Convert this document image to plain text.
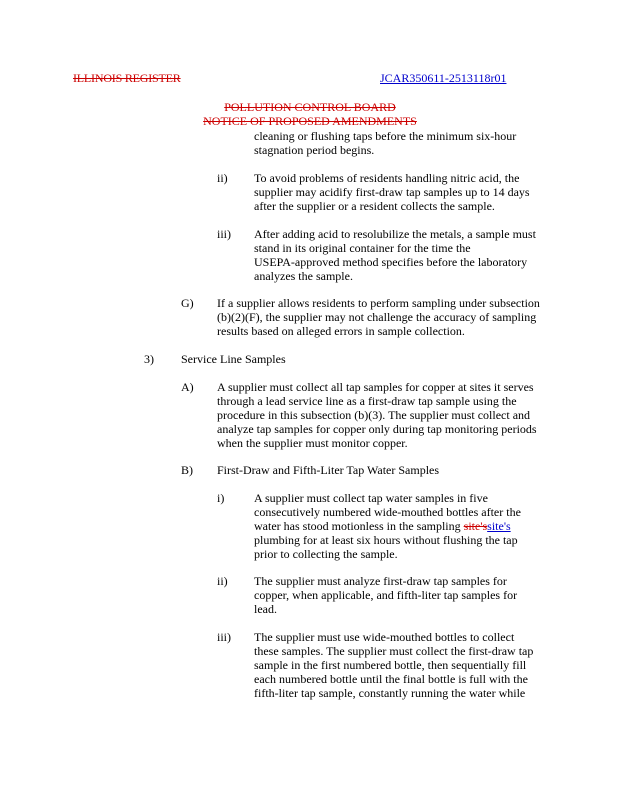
ILLINOIS REGISTER	JCAR350611-2513118r01
POLLUTION CONTROL BOARD
NOTICE OF PROPOSED AMENDMENTS
cleaning or flushing taps before the minimum six-hour
stagnation period begins.
ii) To avoid problems of residents handling nitric acid, the
supplier may acidify first-draw tap samples up to 14 days
after the supplier or a resident collects the sample.
iii) After adding acid to resolubilize the metals, a sample must
stand in its original container for the time the
USEPA-approved method specifies before the laboratory
analyzes the sample.
G) If a supplier allows residents to perform sampling under subsection
(b)(2)(F), the supplier may not challenge the accuracy of sampling
results based on alleged errors in sample collection.
3) Service Line Samples
A) A supplier must collect all tap samples for copper at sites it serves
through a lead service line as a first-draw tap sample using the
procedure in this subsection (b)(3). The supplier must collect and
analyze tap samples for copper only during tap monitoring periods
when the supplier must monitor copper.
B) First-Draw and Fifth-Liter Tap Water Samples
i) A supplier must collect tap water samples in five
consecutively numbered wide-mouthed bottles after the
water has stood motionless in the sampling site'ssite's
plumbing for at least six hours without flushing the tap
prior to collecting the sample.
ii) The supplier must analyze first-draw tap samples for
copper, when applicable, and fifth-liter tap samples for
lead.
iii) The supplier must use wide-mouthed bottles to collect
these samples. The supplier must collect the first-draw tap
sample in the first numbered bottle, then sequentially fill
each numbered bottle until the final bottle is full with the
fifth-liter tap sample, constantly running the water while
